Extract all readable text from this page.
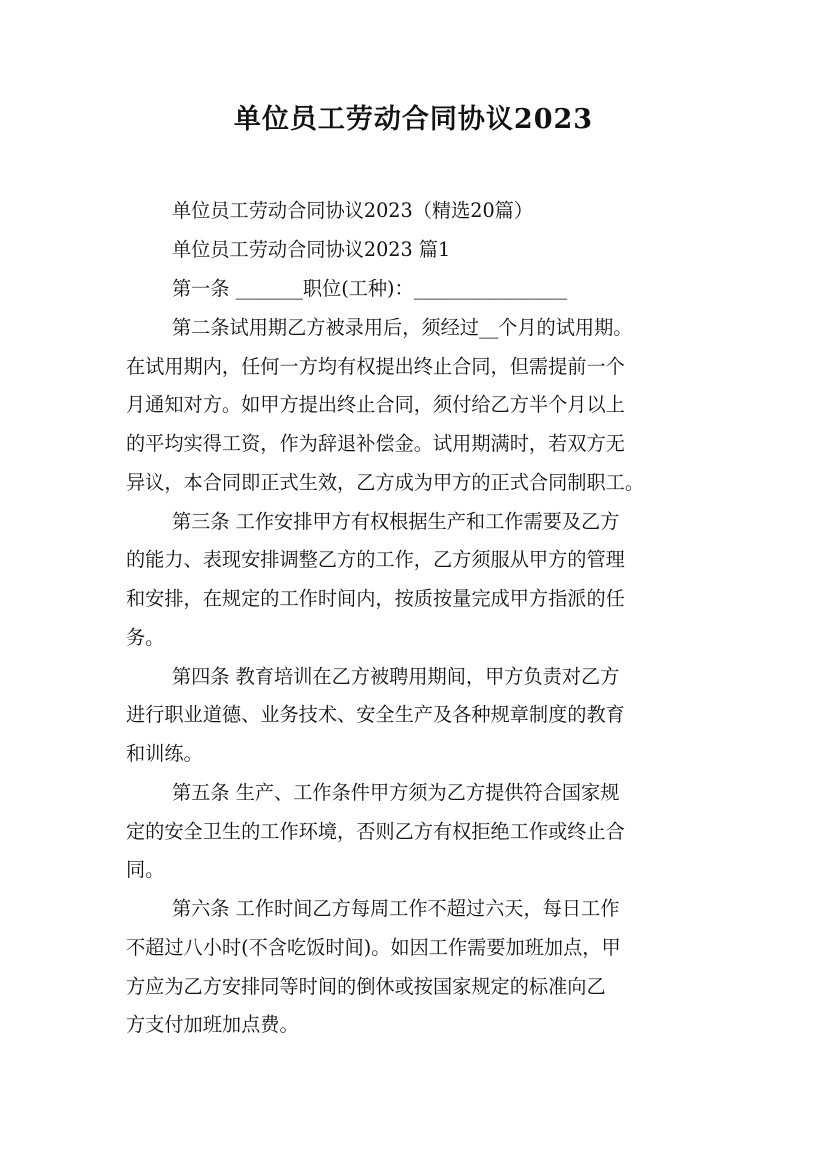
单位员工劳动合同协议2023
单位员工劳动合同协议2023（精选20篇）
单位员工劳动合同协议2023 篇1
第一条 _______职位(工种)：________________
第二条试用期乙方被录用后，须经过__个月的试用期。
在试用期内，任何一方均有权提出终止合同，但需提前一个
月通知对方。如甲方提出终止合同，须付给乙方半个月以上
的平均实得工资，作为辞退补偿金。试用期满时，若双方无
异议，本合同即正式生效，乙方成为甲方的正式合同制职工。
第三条 工作安排甲方有权根据生产和工作需要及乙方
的能力、表现安排调整乙方的工作，乙方须服从甲方的管理
和安排，在规定的工作时间内，按质按量完成甲方指派的任
务。
第四条 教育培训在乙方被聘用期间，甲方负责对乙方
进行职业道德、业务技术、安全生产及各种规章制度的教育
和训练。
第五条 生产、工作条件甲方须为乙方提供符合国家规
定的安全卫生的工作环境，否则乙方有权拒绝工作或终止合
同。
第六条 工作时间乙方每周工作不超过六天，每日工作
不超过八小时(不含吃饭时间)。如因工作需要加班加点，甲
方应为乙方安排同等时间的倒休或按国家规定的标准向乙
方支付加班加点费。
